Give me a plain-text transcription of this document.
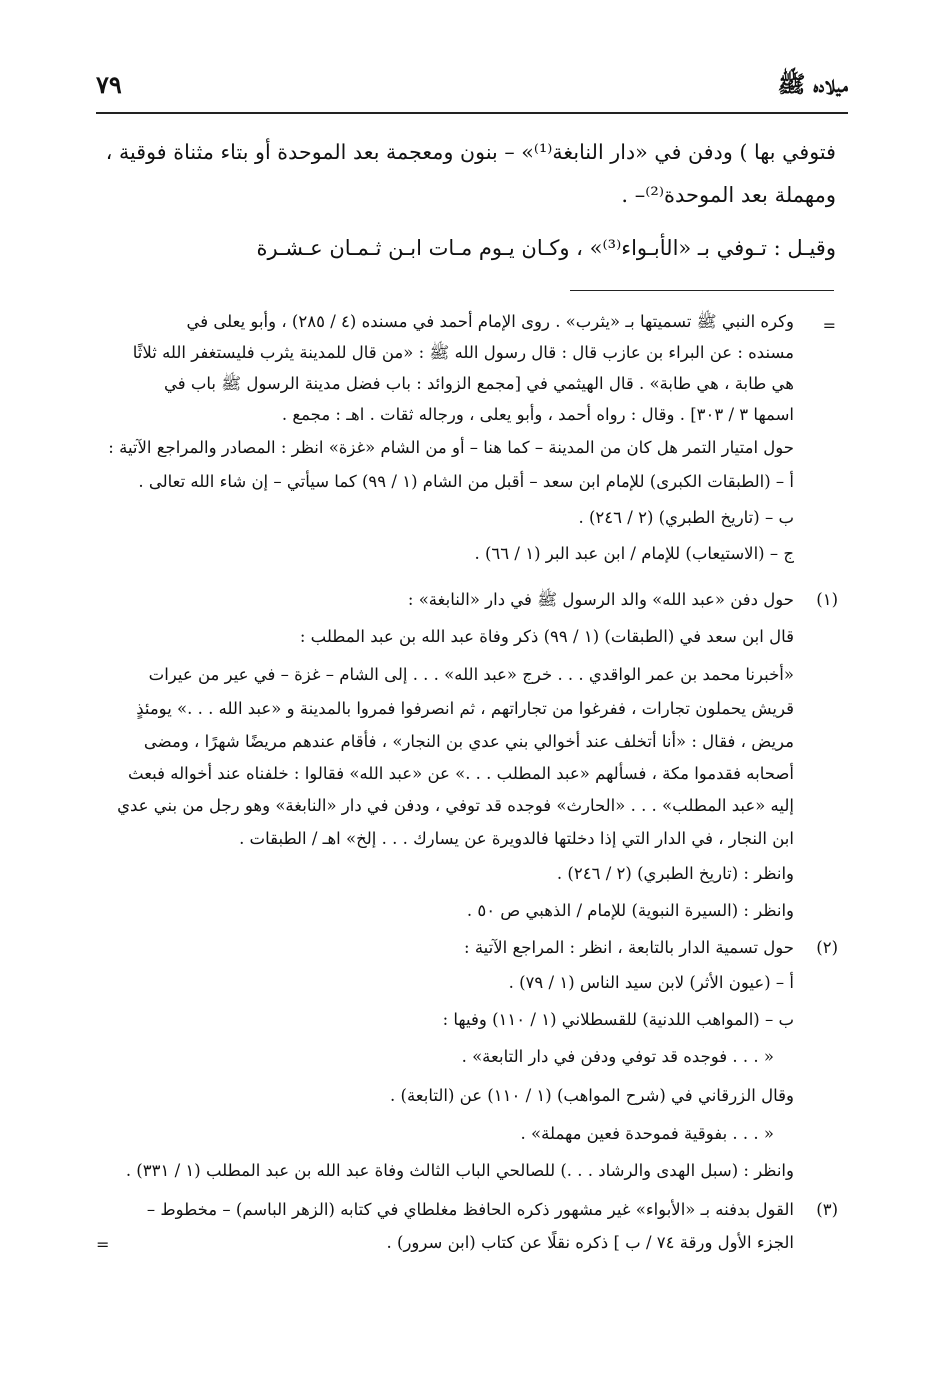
ميلاده ﷺ
٧٩
فتوفي بها ) ودفن في «دار النابغة⁽¹⁾» – بنون ومعجمة بعد الموحدة أو بتاء مثناة فوقية ،
ومهملة بعد الموحدة⁽²⁾– .
وقيـل : تـوفي بـ «الأبـواء⁽³⁾» ، وكـان يـوم مـات ابـن ثـمـان عـشـرة
=
وكره النبي ﷺ تسميتها بـ «يثرب» . روى الإمام أحمد في مسنده (٤ / ٢٨٥) ، وأبو يعلى في
مسنده : عن البراء بن عازب قال : قال رسول الله ﷺ : «من قال للمدينة يثرب فليستغفر الله ثلاثًا
هي طابة ، هي طابة» . قال الهيثمي في [مجمع الزوائد : باب فضل مدينة الرسول ﷺ باب في
اسمها ٣ / ٣٠٣] . وقال : رواه أحمد ، وأبو يعلى ، ورجاله ثقات . اهـ : مجمع .
حول امتيار التمر هل كان من المدينة – كما هنا – أو من الشام «غزة» انظر : المصادر والمراجع الآتية :
أ – (الطبقات الكبرى) للإمام ابن سعد – أقبل من الشام (١ / ٩٩) كما سيأتي – إن شاء الله تعالى .
ب – (تاريخ الطبري) (٢ / ٢٤٦) .
ج – (الاستيعاب) للإمام / ابن عبد البر (١ / ٦٦) .
(١)
حول دفن «عبد الله» والد الرسول ﷺ في دار «النابغة» :
قال ابن سعد في (الطبقات) (١ / ٩٩) ذكر وفاة عبد الله بن عبد المطلب :
«أخبرنا محمد بن عمر الواقدي . . . خرج «عبد الله» . . . إلى الشام – غزة – في عير من عيرات
قريش يحملون تجارات ، ففرغوا من تجاراتهم ، ثم انصرفوا فمروا بالمدينة و «عبد الله . . .» يومئذٍ
مريض ، فقال : «أنا أتخلف عند أخوالي بني عدي بن النجار» ، فأقام عندهم مريضًا شهرًا ، ومضى
أصحابه فقدموا مكة ، فسألهم «عبد المطلب . . .» عن «عبد الله» فقالوا : خلفناه عند أخواله فبعث
إليه «عبد المطلب» . . . «الحارث» فوجده قد توفي ، ودفن في دار «النابغة» وهو رجل من بني عدي
ابن النجار ، في الدار التي إذا دخلتها فالدويرة عن يسارك . . . إلخ» اهـ / الطبقات .
وانظر : (تاريخ الطبري) (٢ / ٢٤٦) .
وانظر : (السيرة النبوية) للإمام / الذهبي ص ٥٠ .
(٢)
حول تسمية الدار بالتابعة ، انظر : المراجع الآتية :
أ – (عيون الأثر) لابن سيد الناس (١ / ٧٩) .
ب – (المواهب اللدنية) للقسطلاني (١ / ١١٠) وفيها :
« . . . فوجده قد توفي ودفن في دار التابعة» .
وقال الزرقاني في (شرح المواهب) (١ / ١١٠) عن (التابعة) .
« . . . بفوقية فموحدة فعين مهملة» .
وانظر : (سبل الهدى والرشاد . . .) للصالحي الباب الثالث وفاة عبد الله بن عبد المطلب (١ / ٣٣١) .
(٣)
القول بدفنه بـ «الأبواء» غير مشهور ذكره الحافظ مغلطاي في كتابه (الزهر الباسم) – مخطوط –
الجزء الأول ورقة ٧٤ / ب ] ذكره نقلًا عن كتاب (ابن سرور) .
=
